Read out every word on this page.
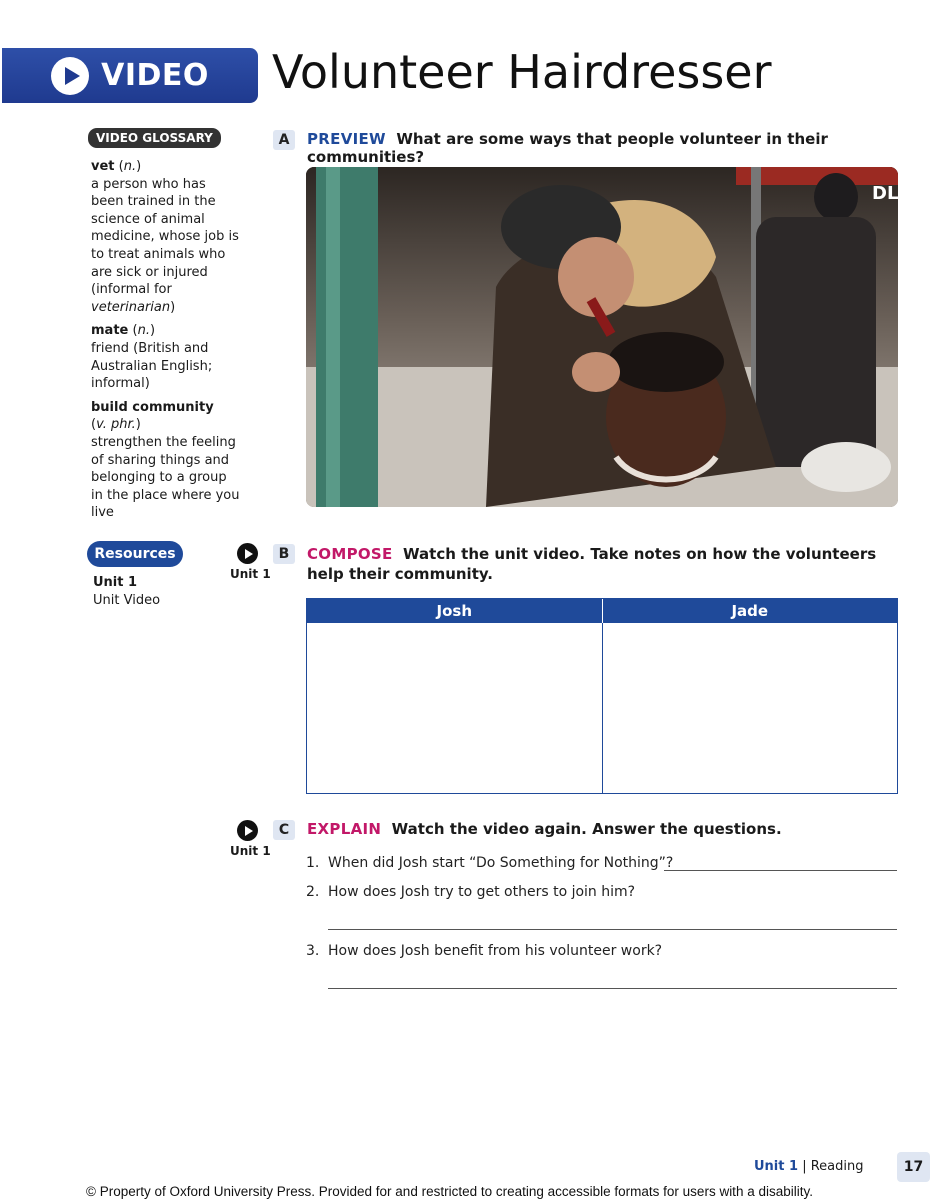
VIDEO Volunteer Hairdresser
VIDEO GLOSSARY
vet (n.)
a person who has been trained in the science of animal medicine, whose job is to treat animals who are sick or injured (informal for veterinarian)
mate (n.)
friend (British and Australian English; informal)
build community
(v. phr.)
strengthen the feeling of sharing things and belonging to a group in the place where you live
Resources
Unit 1
Unit Video
A	PREVIEW What are some ways that people volunteer in their communities?
DL
Unit 1
B	COMPOSE Watch the unit video. Take notes on how the volunteers help their community.
Josh	Jade
Unit 1
C	EXPLAIN Watch the video again. Answer the questions.
1. When did Josh start “Do Something for Nothing”?
2. How does Josh try to get others to join him?
3. How does Josh benefit from his volunteer work?
Unit 1 | Reading	17
© Property of Oxford University Press. Provided for and restricted to creating accessible formats for users with a disability.
